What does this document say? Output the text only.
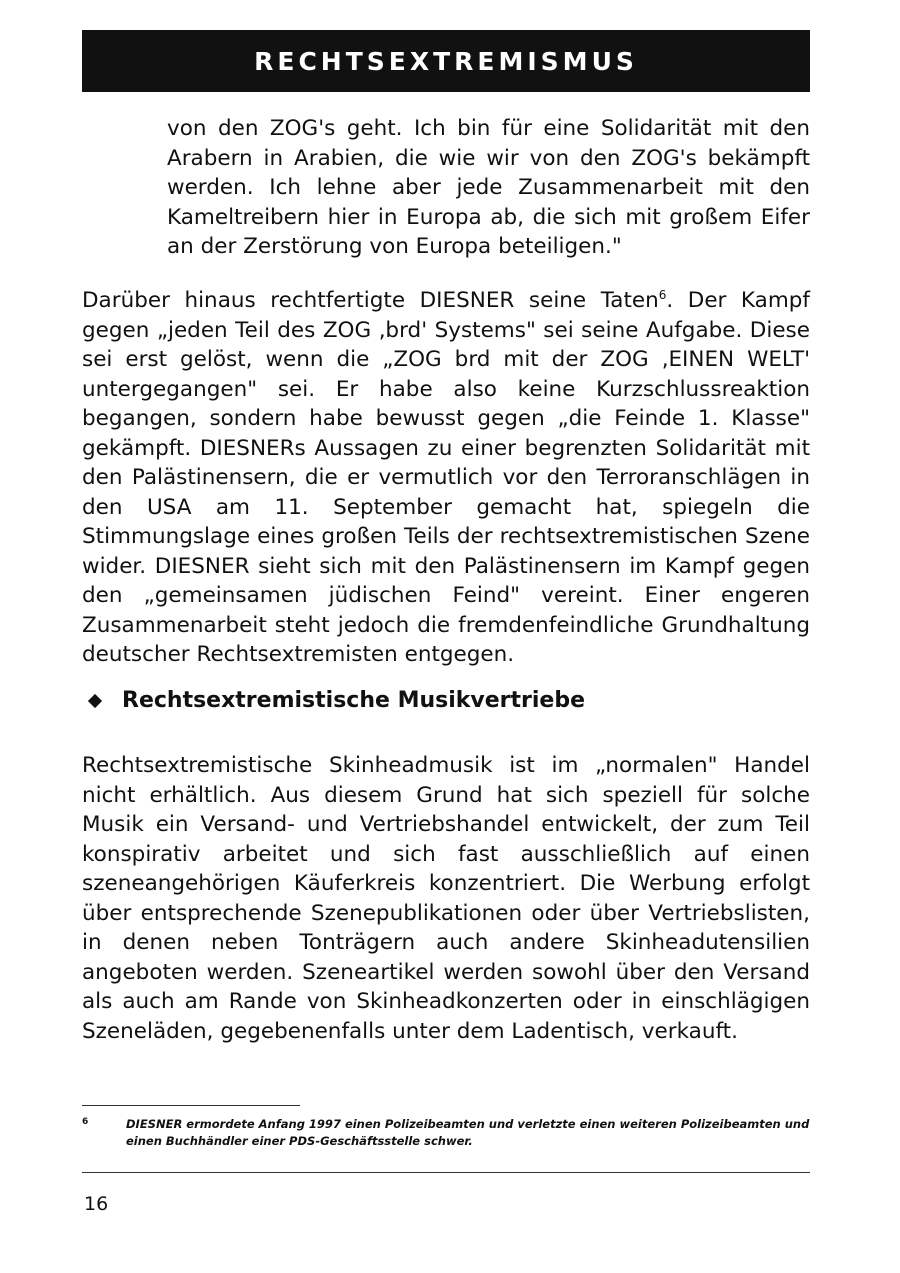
RECHTSEXTREMISMUS
von den ZOG's geht. Ich bin für eine Solidarität mit den Arabern in Arabien, die wie wir von den ZOG's bekämpft werden. Ich lehne aber jede Zusammenarbeit mit den Kameltreibern hier in Europa ab, die sich mit großem Eifer an der Zerstörung von Europa beteiligen."
Darüber hinaus rechtfertigte DIESNER seine Taten$^6$. Der Kampf gegen „jeden Teil des ZOG ‚brd' Systems" sei seine Aufgabe. Diese sei erst gelöst, wenn die „ZOG brd mit der ZOG ‚EINEN WELT' untergegangen" sei. Er habe also keine Kurzschlussreaktion begangen, sondern habe bewusst gegen „die Feinde 1. Klasse" gekämpft. DIESNERs Aussagen zu einer begrenzten Solidarität mit den Palästinensern, die er vermutlich vor den Terroranschlägen in den USA am 11. September gemacht hat, spiegeln die Stimmungslage eines großen Teils der rechtsextremistischen Szene wider. DIESNER sieht sich mit den Palästinensern im Kampf gegen den „gemeinsamen jüdischen Feind" vereint. Einer engeren Zusammenarbeit steht jedoch die fremdenfeindliche Grundhaltung deutscher Rechtsextremisten entgegen.
Rechtsextremistische Musikvertriebe
Rechtsextremistische Skinheadmusik ist im „normalen" Handel nicht erhältlich. Aus diesem Grund hat sich speziell für solche Musik ein Versand- und Vertriebshandel entwickelt, der zum Teil konspirativ arbeitet und sich fast ausschließlich auf einen szeneangehörigen Käuferkreis konzentriert. Die Werbung erfolgt über entsprechende Szenepublikationen oder über Vertriebslisten, in denen neben Tonträgern auch andere Skinheadutensilien angeboten werden. Szeneartikel werden sowohl über den Versand als auch am Rande von Skinheadkonzerten oder in einschlägigen Szeneläden, gegebenenfalls unter dem Ladentisch, verkauft.
6	DIESNER ermordete Anfang 1997 einen Polizeibeamten und verletzte einen weiteren Polizeibeamten und einen Buchhändler einer PDS-Geschäftsstelle schwer.
16
